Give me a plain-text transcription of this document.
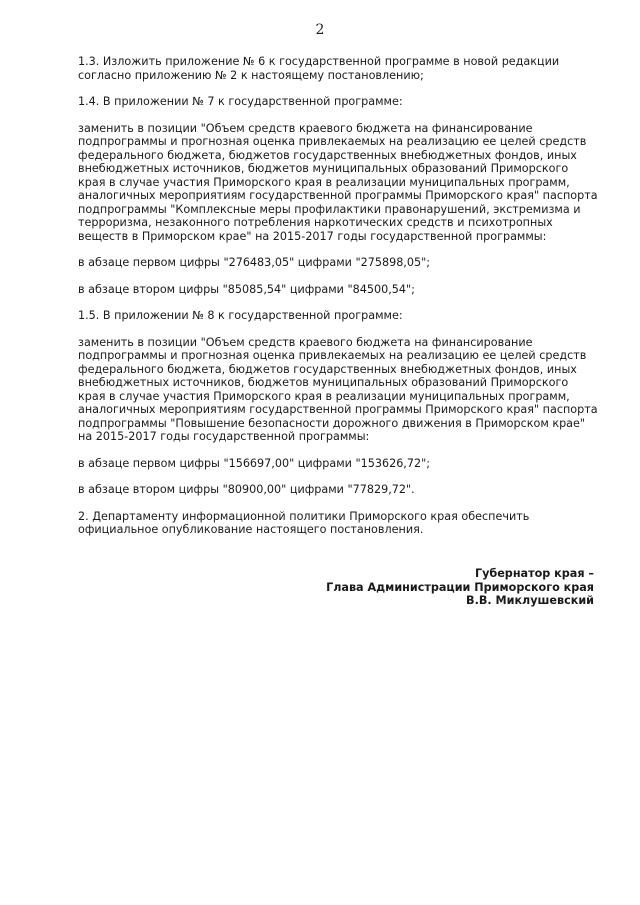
2

1.3. Изложить приложение № 6 к государственной программе в новой редакции согласно приложению № 2 к настоящему постановлению;

1.4. В приложении № 7 к государственной программе:

заменить в позиции "Объем средств краевого бюджета на финансирование подпрограммы и прогнозная оценка привлекаемых на реализацию ее целей средств федерального бюджета, бюджетов государственных внебюджетных фондов, иных внебюджетных источников, бюджетов муниципальных образований Приморского края в случае участия Приморского края в реализации муниципальных программ, аналогичных мероприятиям государственной программы Приморского края" паспорта подпрограммы "Комплексные меры профилактики правонарушений, экстремизма и терроризма, незаконного потребления наркотических средств и психотропных веществ в Приморском крае" на 2015-2017 годы государственной программы:

в абзаце первом цифры "276483,05" цифрами "275898,05";

в абзаце втором цифры "85085,54" цифрами "84500,54";

1.5. В приложении № 8 к государственной программе:

заменить в позиции "Объем средств краевого бюджета на финансирование подпрограммы и прогнозная оценка привлекаемых на реализацию ее целей средств федерального бюджета, бюджетов государственных внебюджетных фондов, иных внебюджетных источников, бюджетов муниципальных образований Приморского края в случае участия Приморского края в реализации муниципальных программ, аналогичных мероприятиям государственной программы Приморского края" паспорта подпрограммы "Повышение безопасности дорожного движения в Приморском крае" на 2015-2017 годы государственной программы:

в абзаце первом цифры "156697,00" цифрами "153626,72";

в абзаце втором цифры "80900,00" цифрами "77829,72".

2. Департаменту информационной политики Приморского края обеспечить официальное опубликование настоящего постановления.

Губернатор края –
Глава Администрации Приморского края
В.В. Миклушевский
